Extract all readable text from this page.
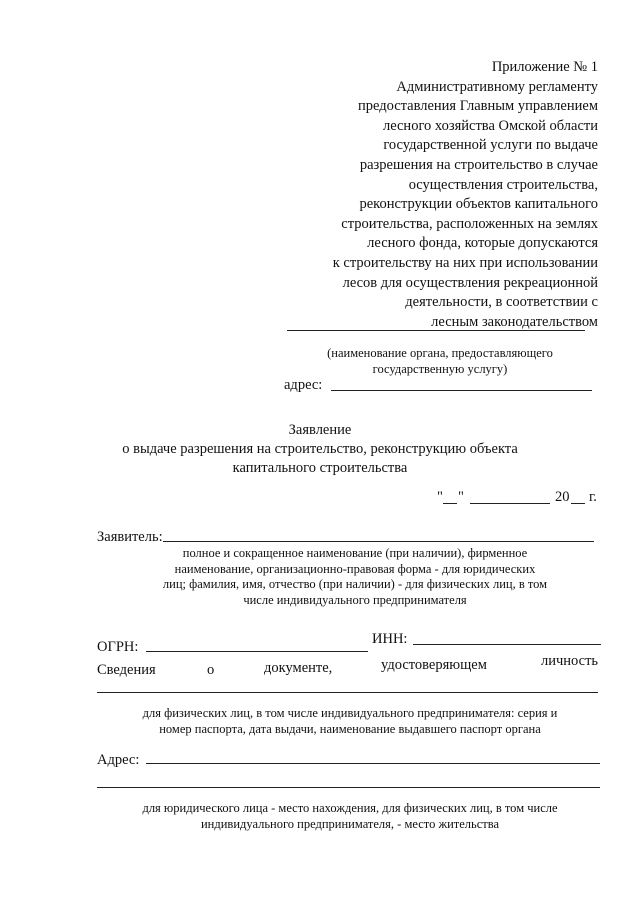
Приложение № 1
Административному регламенту
предоставления Главным управлением
лесного хозяйства Омской области
государственной услуги по выдаче
разрешения на строительство в случае
осуществления строительства,
реконструкции объектов капитального
строительства, расположенных на землях
лесного фонда, которые допускаются
к строительству на них при использовании
лесов для осуществления рекреационной
деятельности, в соответствии с
лесным законодательством
(наименование органа, предоставляющего
государственную услугу)
адрес:
Заявление
о выдаче разрешения на строительство, реконструкцию объекта
капитального строительства
" "	20 г.
Заявитель:
полное и сокращенное наименование (при наличии), фирменное
наименование, организационно-правовая форма - для юридических
лиц; фамилия, имя, отчество (при наличии) - для физических лиц, в том
числе индивидуального предпринимателя
ОГРН:	ИНН:
Сведения	о	документе,	удостоверяющем	личность
для физических лиц, в том числе индивидуального предпринимателя: серия и
номер паспорта, дата выдачи, наименование выдавшего паспорт органа
Адрес:
для юридического лица - место нахождения, для физических лиц, в том числе
индивидуального предпринимателя, - место жительства
